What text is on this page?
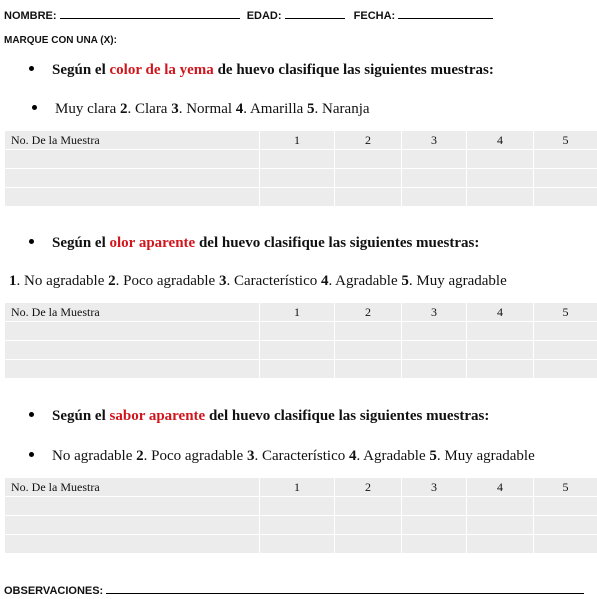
NOMBRE:	EDAD:	FECHA:
MARQUE CON UNA (X):
Según el color de la yema de huevo clasifique las siguientes muestras:
Muy clara 2. Clara 3. Normal 4. Amarilla 5. Naranja
No. De la Muestra	1	2	3	4	5

Según el olor aparente del huevo clasifique las siguientes muestras:
1. No agradable 2. Poco agradable 3. Característico 4. Agradable 5. Muy agradable
No. De la Muestra	1	2	3	4	5

Según el sabor aparente del huevo clasifique las siguientes muestras:
No agradable 2. Poco agradable 3. Característico 4. Agradable 5. Muy agradable
No. De la Muestra	1	2	3	4	5

OBSERVACIONES:
